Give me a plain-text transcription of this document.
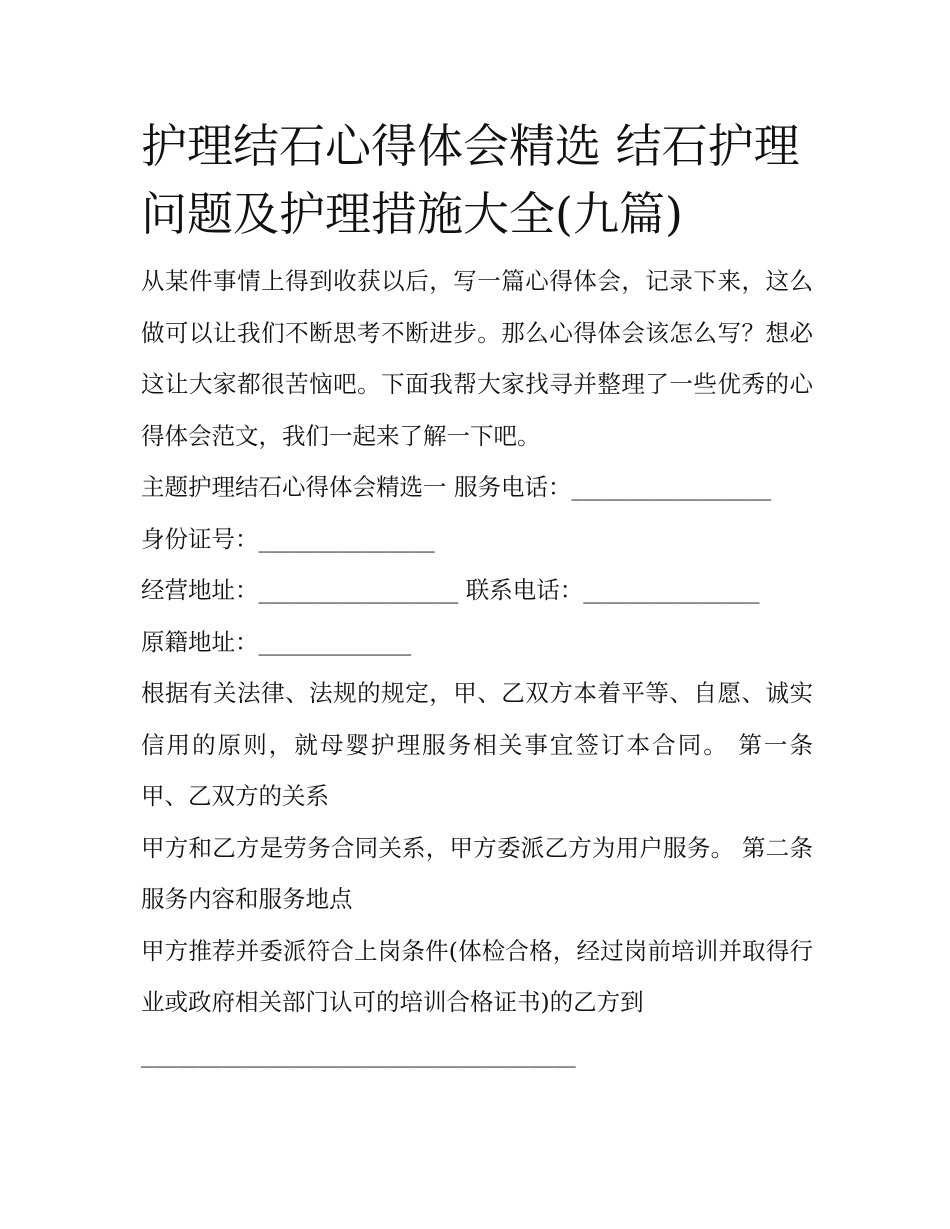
护理结石心得体会精选 结石护理问题及护理措施大全(九篇)

从某件事情上得到收获以后，写一篇心得体会，记录下来，这么做可以让我们不断思考不断进步。那么心得体会该怎么写？想必这让大家都很苦恼吧。下面我帮大家找寻并整理了一些优秀的心得体会范文，我们一起来了解一下吧。

主题护理结石心得体会精选一 服务电话：_________________

身份证号：_______________

经营地址：_________________ 联系电话：_______________

原籍地址：_____________

根据有关法律、法规的规定，甲、乙双方本着平等、自愿、诚实信用的原则，就母婴护理服务相关事宜签订本合同。 第一条 甲、乙双方的关系

甲方和乙方是劳务合同关系，甲方委派乙方为用户服务。 第二条 服务内容和服务地点

甲方推荐并委派符合上岗条件(体检合格，经过岗前培训并取得行业或政府相关部门认可的培训合格证书)的乙方到

_____________________________________
